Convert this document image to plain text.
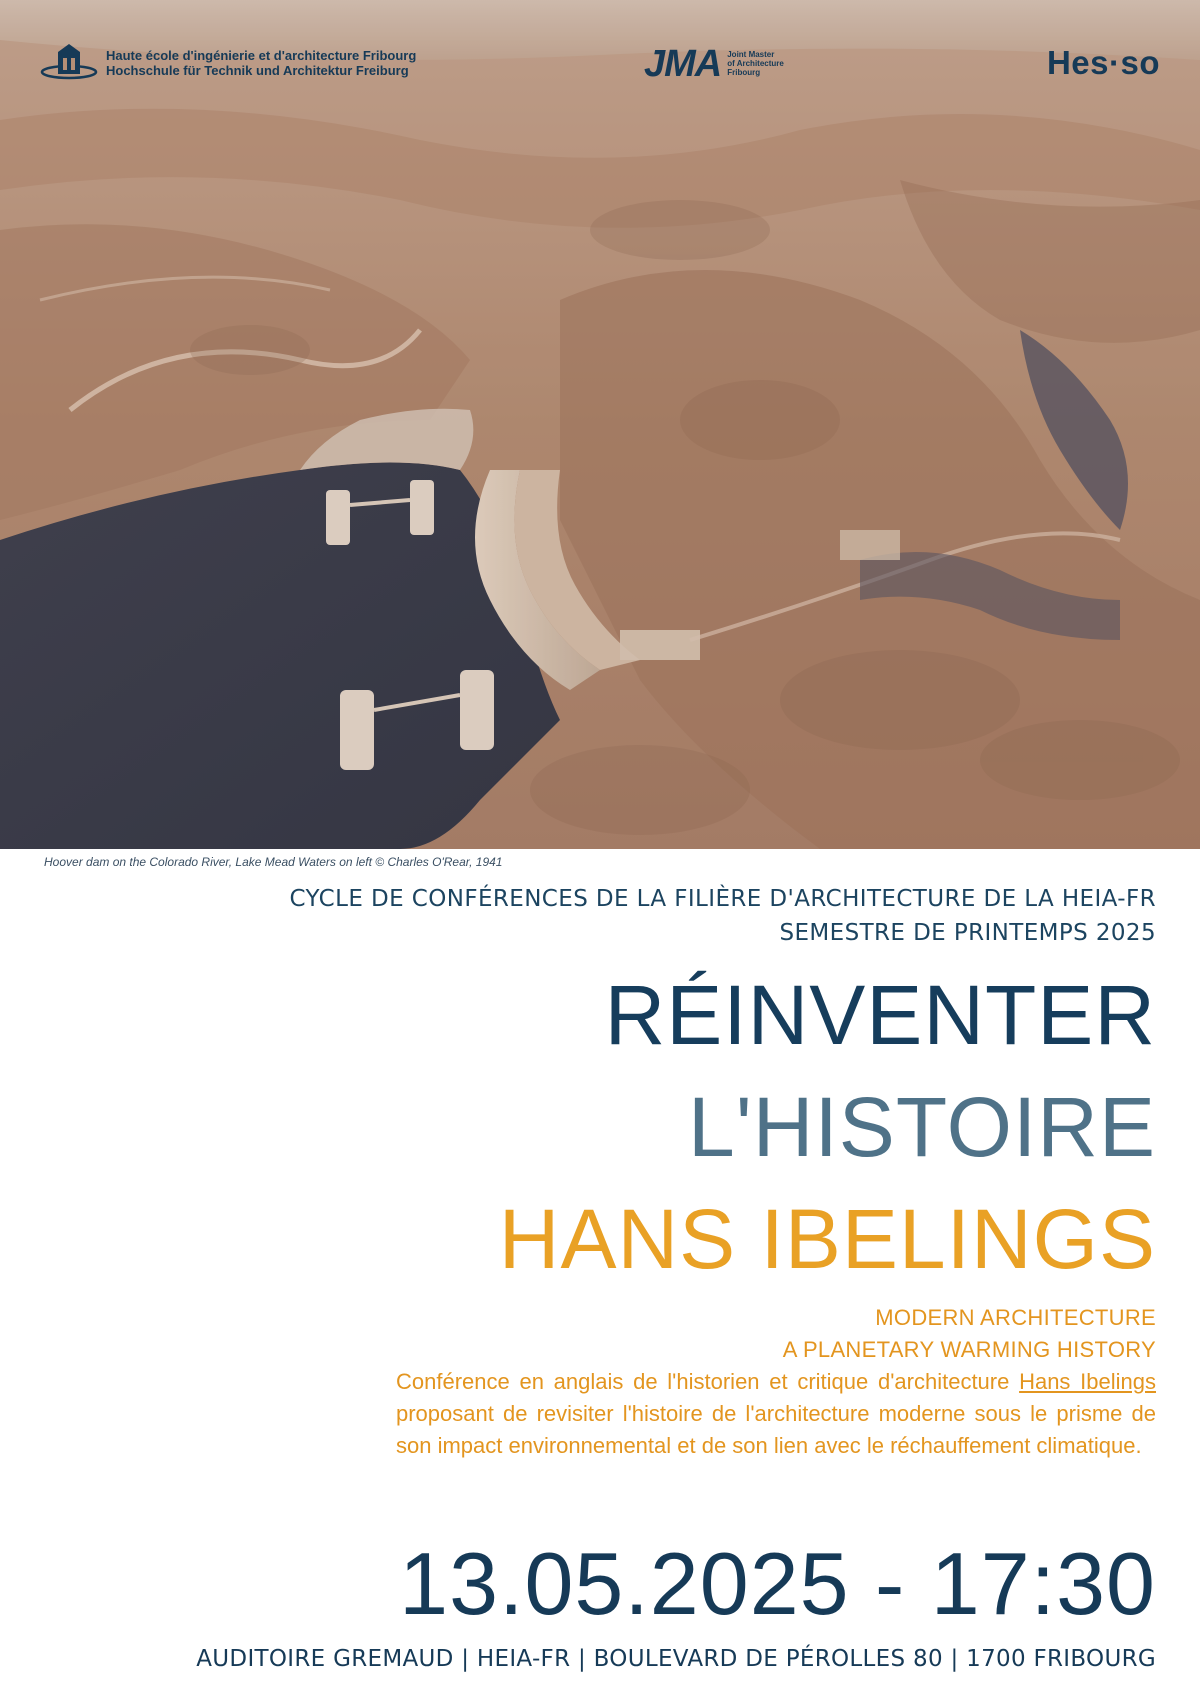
Haute école d'ingénierie et d'architecture Fribourg
Hochschule für Technik und Architektur Freiburg	JMA Joint Master
of Architecture
Fribourg	Hes·so
Hoover dam on the Colorado River, Lake Mead Waters on left © Charles O'Rear, 1941
CYCLE DE CONFÉRENCES DE LA FILIÈRE D'ARCHITECTURE DE LA HEIA-FR
SEMESTRE DE PRINTEMPS 2025
RÉINVENTER
L'HISTOIRE
HANS IBELINGS
MODERN ARCHITECTURE
A PLANETARY WARMING HISTORY
Conférence en anglais de l'historien et critique d'architecture Hans Ibelings proposant de revisiter l'histoire de l'architecture moderne sous le prisme de son impact environnemental et de son lien avec le réchauffement climatique.
13.05.2025 - 17:30
AUDITOIRE GREMAUD | HEIA-FR | BOULEVARD DE PÉROLLES 80 | 1700 FRIBOURG
